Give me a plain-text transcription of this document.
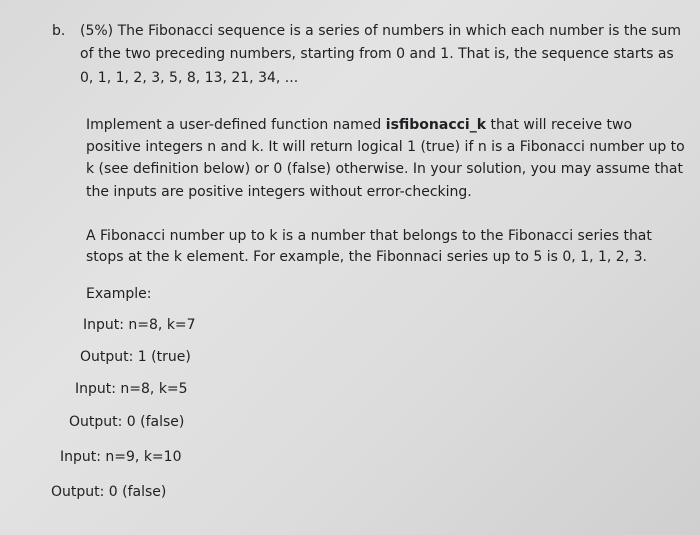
b. (5%) The Fibonacci sequence is a series of numbers in which each number is the sum
of the two preceding numbers, starting from 0 and 1. That is, the sequence starts as
0, 1, 1, 2, 3, 5, 8, 13, 21, 34, ...
Implement a user-defined function named isfibonacci_k that will receive two
positive integers n and k. It will return logical 1 (true) if n is a Fibonacci number up to
k (see definition below) or 0 (false) otherwise. In your solution, you may assume that
the inputs are positive integers without error-checking.
A Fibonacci number up to k is a number that belongs to the Fibonacci series that
stops at the k element. For example, the Fibonnaci series up to 5 is 0, 1, 1, 2, 3.
Example:
Input: n=8, k=7
Output: 1 (true)
Input: n=8, k=5
Output: 0 (false)
Input: n=9, k=10
Output: 0 (false)
